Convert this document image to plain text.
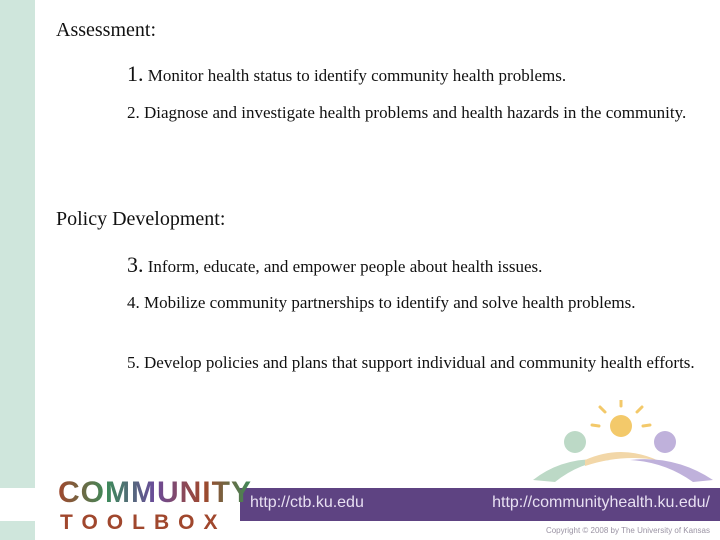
Assessment:
1. Monitor health status to identify community health problems.
2. Diagnose and investigate health problems and health hazards in the community.
Policy Development:
3. Inform, educate, and empower people about health issues.
4. Mobilize community partnerships to identify and solve health problems.
5. Develop policies and plans that support individual and community health efforts.
COMMUNITY
TOOLBOX
http://ctb.ku.edu	http://communityhealth.ku.edu/
Copyright © 2008 by The University of Kansas
